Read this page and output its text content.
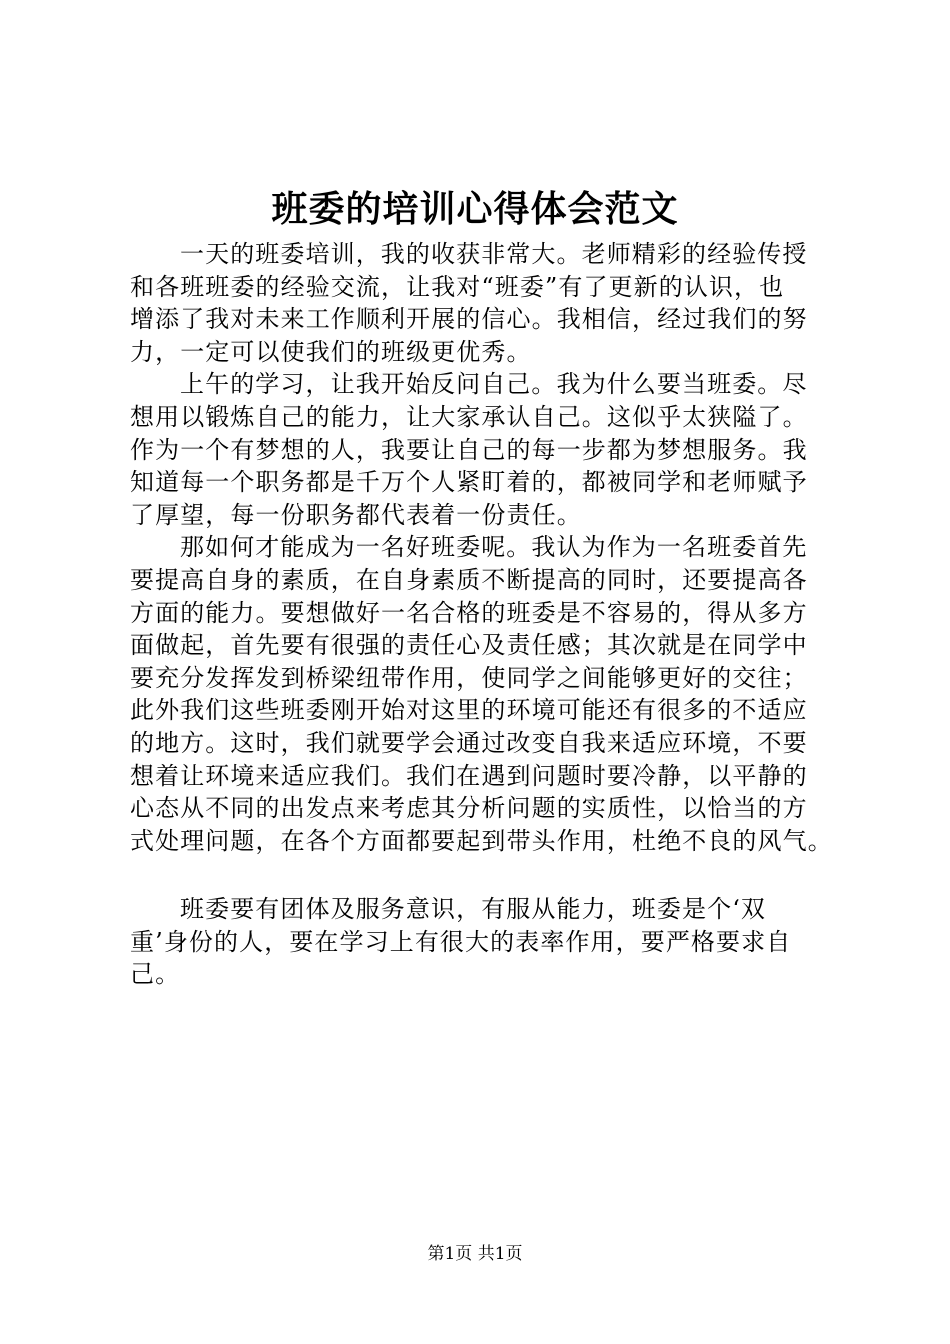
班委的培训心得体会范文
一天的班委培训，我的收获非常大。老师精彩的经验传授
和各班班委的经验交流，让我对“班委”有了更新的认识，也
增添了我对未来工作顺利开展的信心。我相信，经过我们的努
力，一定可以使我们的班级更优秀。
上午的学习，让我开始反问自己。我为什么要当班委。尽
想用以锻炼自己的能力，让大家承认自己。这似乎太狭隘了。
作为一个有梦想的人，我要让自己的每一步都为梦想服务。我
知道每一个职务都是千万个人紧盯着的，都被同学和老师赋予
了厚望，每一份职务都代表着一份责任。
那如何才能成为一名好班委呢。我认为作为一名班委首先
要提高自身的素质，在自身素质不断提高的同时，还要提高各
方面的能力。要想做好一名合格的班委是不容易的，得从多方
面做起，首先要有很强的责任心及责任感；其次就是在同学中
要充分发挥发到桥梁纽带作用，使同学之间能够更好的交往；
此外我们这些班委刚开始对这里的环境可能还有很多的不适应
的地方。这时，我们就要学会通过改变自我来适应环境，不要
想着让环境来适应我们。我们在遇到问题时要冷静，以平静的
心态从不同的出发点来考虑其分析问题的实质性，以恰当的方
式处理问题，在各个方面都要起到带头作用，杜绝不良的风气。
班委要有团体及服务意识，有服从能力，班委是个‘双
重’身份的人，要在学习上有很大的表率作用，要严格要求自
己。
第1页 共1页
